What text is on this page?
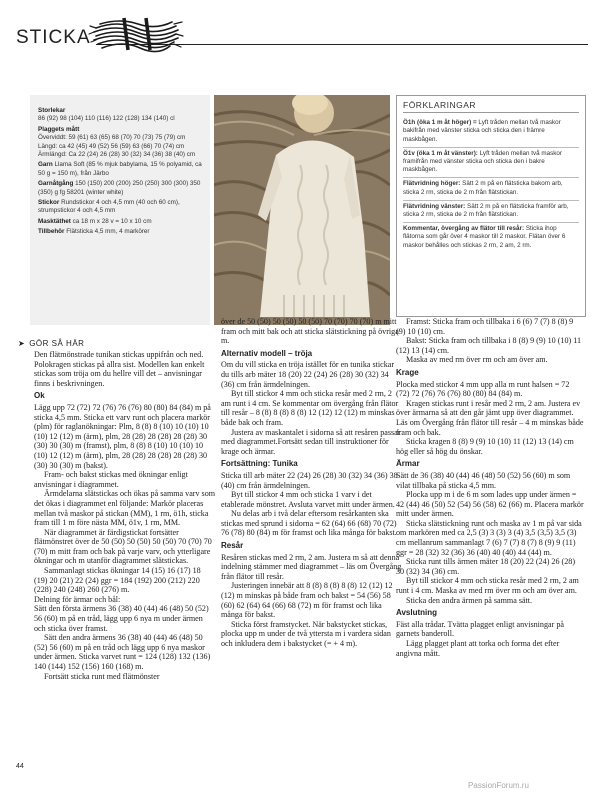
STICKA
Storlekar
86 (92) 98 (104) 110 (116) 122 (128) 134 (140) cl
Plaggets mått
Överviddt: 59 (61) 63 (65) 68 (70) 70 (73) 75 (79) cm
Längd: ca 42 (45) 49 (52) 56 (59) 63 (66) 70 (74) cm
Ärmlängd: Ca 22 (24) 26 (28) 30 (32) 34 (36) 38 (40) cm
Garn Llama Soft (85 % mjuk babylama, 15 % polyamid, ca 50 g = 150 m), från Järbo
Garnåtgång 150 (150) 200 (200) 250 (250) 300 (300) 350 (350) g fg 58201 (winter white)
Stickor Rundstickor 4 och 4,5 mm (40 och 60 cm), strumpstickor 4 och 4,5 mm
Masktäthet ca 18 m x 28 v = 10 x 10 cm
Tillbehör Flätsticka 4,5 mm, 4 markörer
FÖRKLARINGAR
Ö1h (öka 1 m åt höger) = Lyft tråden mellan två maskor bakifrån med vänster sticka och sticka den i främre maskbågen.
Ö1v (öka 1 m åt vänster): Lyft tråden mellan två maskor framifrån med vänster sticka och sticka den i bakre maskbågen.
Flätvridning höger: Sätt 2 m på en flätsticka bakom arb, sticka 2 rm, sticka de 2 m från flätstickan.
Flätvridning vänster: Sätt 2 m på en flätsticka framför arb, sticka 2 rm, sticka de 2 m från flätstickan.
Kommentar, övergång av flätor till resår: Sticka ihop flätorna som går över 4 maskor till 2 maskor. Flätan över 6 maskor behålles och stickas 2 rm, 2 am, 2 rm.
➤ GÖR SÅ HÄR

Den flätmönstrade tunikan stickas uppifrån och ned. Polokragen stickas på allra sist. Modellen kan enkelt stickas som tröja om du hellre vill det – anvisningar finns i beskrivningen.

Ok

Lägg upp 72 (72) 72 (76) 76 (76) 80 (80) 84 (84) m på sticka 4,5 mm. Sticka ett varv runt och placera markör (plm) för raglanökningar: Plm, 8 (8) 8 (10) 10 (10) 10 (10) 12 (12) m (ärm), plm, 28 (28) 28 (28) 28 (28) 30 (30) 30 (30) m (framst), plm, 8 (8) 8 (10) 10 (10) 10 (10) 12 (12) m (ärm), plm, 28 (28) 28 (28) 28 (28) 30 (30) 30 (30) m (bakst).

Fram- och bakst stickas med ökningar enligt anvisningar i diagrammet.

Ärmdelarna slätstickas och ökas på samma varv som det ökas i diagrammet enl följande: Markör placeras mellan två maskor på stickan (MM), 1 rm, ö1h, sticka fram till 1 m före nästa MM, ö1v, 1 rm, MM.

När diagrammet är färdigstickat fortsätter flätmönstret över de 50 (50) 50 (50) 50 (50) 70 (70) 70 (70) m mitt fram och bak på varje varv, och ytterligare ökningar och m utanför diagrammet slätstickas.

Sammanlagt stickas ökningar 14 (15) 16 (17) 18 (19) 20 (21) 22 (24) ggr = 184 (192) 200 (212) 220 (228) 240 (248) 260 (276) m.

Delning för ärmar och bål:

Sätt den första ärmens 36 (38) 40 (44) 46 (48) 50 (52) 56 (60) m på en tråd, lägg upp 6 nya m under ärmen och sticka över framst.

Sätt den andra ärmens 36 (38) 40 (44) 46 (48) 50 (52) 56 (60) m på en tråd och lägg upp 6 nya maskor under ärmen. Sticka varvet runt = 124 (128) 132 (136) 140 (144) 152 (156) 160 (168) m.

Fortsätt sticka runt med flätmönster

över de 50 (50) 50 (50) 50 (50) 70 (70) 70 (70) m mitt fram och mitt bak och att sticka slätstickning på övriga m.

Alternativ modell – tröja

Om du vill sticka en tröja istället för en tunika stickar du tills arb mäter 18 (20) 22 (24) 26 (28) 30 (32) 34 (36) cm från ärmdelningen.

Byt till stickor 4 mm och sticka resår med 2 rm, 2 am runt i 4 cm. Se kommentar om övergång från flätor till resår – 8 (8) 8 (8) 8 (8) 12 (12) 12 (12) m minskas både bak och fram.

Justera av maskantalet i sidorna så att resåren passar med diagrammet.Fortsätt sedan till instruktioner för krage och ärmar.

Fortsättning: Tunika

Sticka till arb mäter 22 (24) 26 (28) 30 (32) 34 (36) 38 (40) cm från ärmdelningen.

Byt till stickor 4 mm och sticka 1 varv i det etablerade mönstret. Avsluta varvet mitt under ärmen.

Nu delas arb i två delar eftersom resårkanten ska stickas med sprund i sidorna = 62 (64) 66 (68) 70 (72) 76 (78) 80 (84) m för framst och lika många för bakst.

Resår

Resåren stickas med 2 rm, 2 am. Justera m så att denna indelning stämmer med diagrammet – läs om Övergång från flätor till resår.

Justeringen innebär att 8 (8) 8 (8) 8 (8) 12 (12) 12 (12) m minskas på både fram och bakst = 54 (56) 58 (60) 62 (64) 64 (66) 68 (72) m för framst och lika många för bakst.

Sticka först framstycket. När bakstycket stickas, plocka upp m under de två yttersta m i vardera sidan och inkludera dem i bakstycket (= + 4 m).

Framst: Sticka fram och tillbaka i 6 (6) 7 (7) 8 (8) 9 (9) 10 (10) cm.

Bakst: Sticka fram och tillbaka i 8 (8) 9 (9) 10 (10) 11 (12) 13 (14) cm.

Maska av med rm över rm och am över am.

Krage

Plocka med stickor 4 mm upp alla m runt halsen = 72 (72) 72 (76) 76 (76) 80 (80) 84 (84) m.

Kragen stickas runt i resår med 2 rm, 2 am. Justera ev över ärmarna så att den går jämt upp över diagrammet. Läs om Övergång från flätor till resår – 4 m minskas både fram och bak.

Sticka kragen 8 (8) 9 (9) 10 (10) 11 (12) 13 (14) cm hög eller så hög du önskar.

Ärmar

Sätt de 36 (38) 40 (44) 46 (48) 50 (52) 56 (60) m som vilat tillbaka på sticka 4,5 mm.

Plocka upp m i de 6 m som lades upp under ärmen = 42 (44) 46 (50) 52 (54) 56 (58) 62 (66) m. Placera markör mitt under ärmen.

Sticka slätstickning runt och maska av 1 m på var sida om markören med ca 2,5 (3) 3 (3) 3 (4) 3,5 (3,5) 3,5 (3) cm mellanrum sammanlagt 7 (6) 7 (7) 8 (7) 8 (9) 9 (11) ggr = 28 (32) 32 (36) 36 (40) 40 (40) 44 (44) m.

Sticka runt tills ärmen mäter 18 (20) 22 (24) 26 (28) 30 (32) 34 (36) cm.

Byt till stickor 4 mm och sticka resår med 2 rm, 2 am runt i 4 cm. Maska av med rm över rm och am över am.

Sticka den andra ärmen på samma sätt.

Avslutning

Fäst alla trådar. Tvätta plagget enligt anvisningar på garnets banderoll.

Lägg plagget plant att torka och forma det efter angivna mått.

44
PassionForum.ru
